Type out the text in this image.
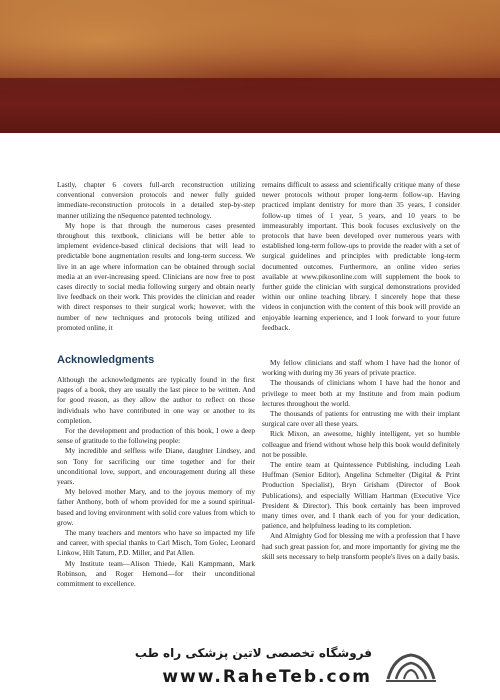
Lastly, chapter 6 covers full-arch reconstruction utilizing conventional conversion protocols and newer fully guided immediate-reconstruction protocols in a detailed step-by-step manner utilizing the nSequence patented technology.

My hope is that through the numerous cases presented throughout this textbook, clinicians will be better able to implement evidence-based clinical decisions that will lead to predictable bone augmentation results and long-term success. We live in an age where information can be obtained through social media at an ever-increasing speed. Clinicians are now free to post cases directly to social media following surgery and obtain nearly live feedback on their work. This provides the clinician and reader with direct responses to their surgical work; however, with the number of new techniques and protocols being utilized and promoted online, it

remains difficult to assess and scientifically critique many of these newer protocols without proper long-term follow-up. Having practiced implant dentistry for more than 35 years, I consider follow-up times of 1 year, 5 years, and 10 years to be immeasurably important. This book focuses exclusively on the protocols that have been developed over numerous years with established long-term follow-ups to provide the reader with a set of surgical guidelines and principles with predictable long-term documented outcomes. Furthermore, an online video series available at www.pikosonline.com will supplement the book to further guide the clinician with surgical demonstrations provided within our online teaching library. I sincerely hope that these videos in conjunction with the content of this book will provide an enjoyable learning experience, and I look forward to your future feedback.

Acknowledgments

Although the acknowledgments are typically found in the first pages of a book, they are usually the last piece to be written. And for good reason, as they allow the author to reflect on those individuals who have contributed in one way or another to its completion.

For the development and production of this book, I owe a deep sense of gratitude to the following people:

My incredible and selfless wife Diane, daughter Lindsey, and son Tony for sacrificing our time together and for their unconditional love, support, and encouragement during all these years.

My beloved mother Mary, and to the joyous memory of my father Anthony, both of whom provided for me a sound spiritual-based and loving environment with solid core values from which to grow.

The many teachers and mentors who have so impacted my life and career, with special thanks to Carl Misch, Tom Golec, Leonard Linkow, Hilt Tatum, P.D. Miller, and Pat Allen.

My Institute team—Alison Thiede, Kali Kampmann, Mark Robinson, and Roger Hemond—for their unconditional commitment to excellence.

My fellow clinicians and staff whom I have had the honor of working with during my 36 years of private practice.

The thousands of clinicians whom I have had the honor and privilege to meet both at my Institute and from main podium lectures throughout the world.

The thousands of patients for entrusting me with their implant surgical care over all these years.

Rick Mixon, an awesome, highly intelligent, yet so humble colleague and friend without whose help this book would definitely not be possible.

The entire team at Quintessence Publishing, including Leah Huffman (Senior Editor), Angelina Schmelter (Digital & Print Production Specialist), Bryn Grisham (Director of Book Publications), and especially William Hartman (Executive Vice President & Director). This book certainly has been improved many times over, and I thank each of you for your dedication, patience, and helpfulness leading to its completion.

And Almighty God for blessing me with a profession that I have had such great passion for, and more importantly for giving me the skill sets necessary to help transform people's lives on a daily basis.

فروشگاه تخصصی لاتین پزشکی راه طب
www.RaheTeb.com
